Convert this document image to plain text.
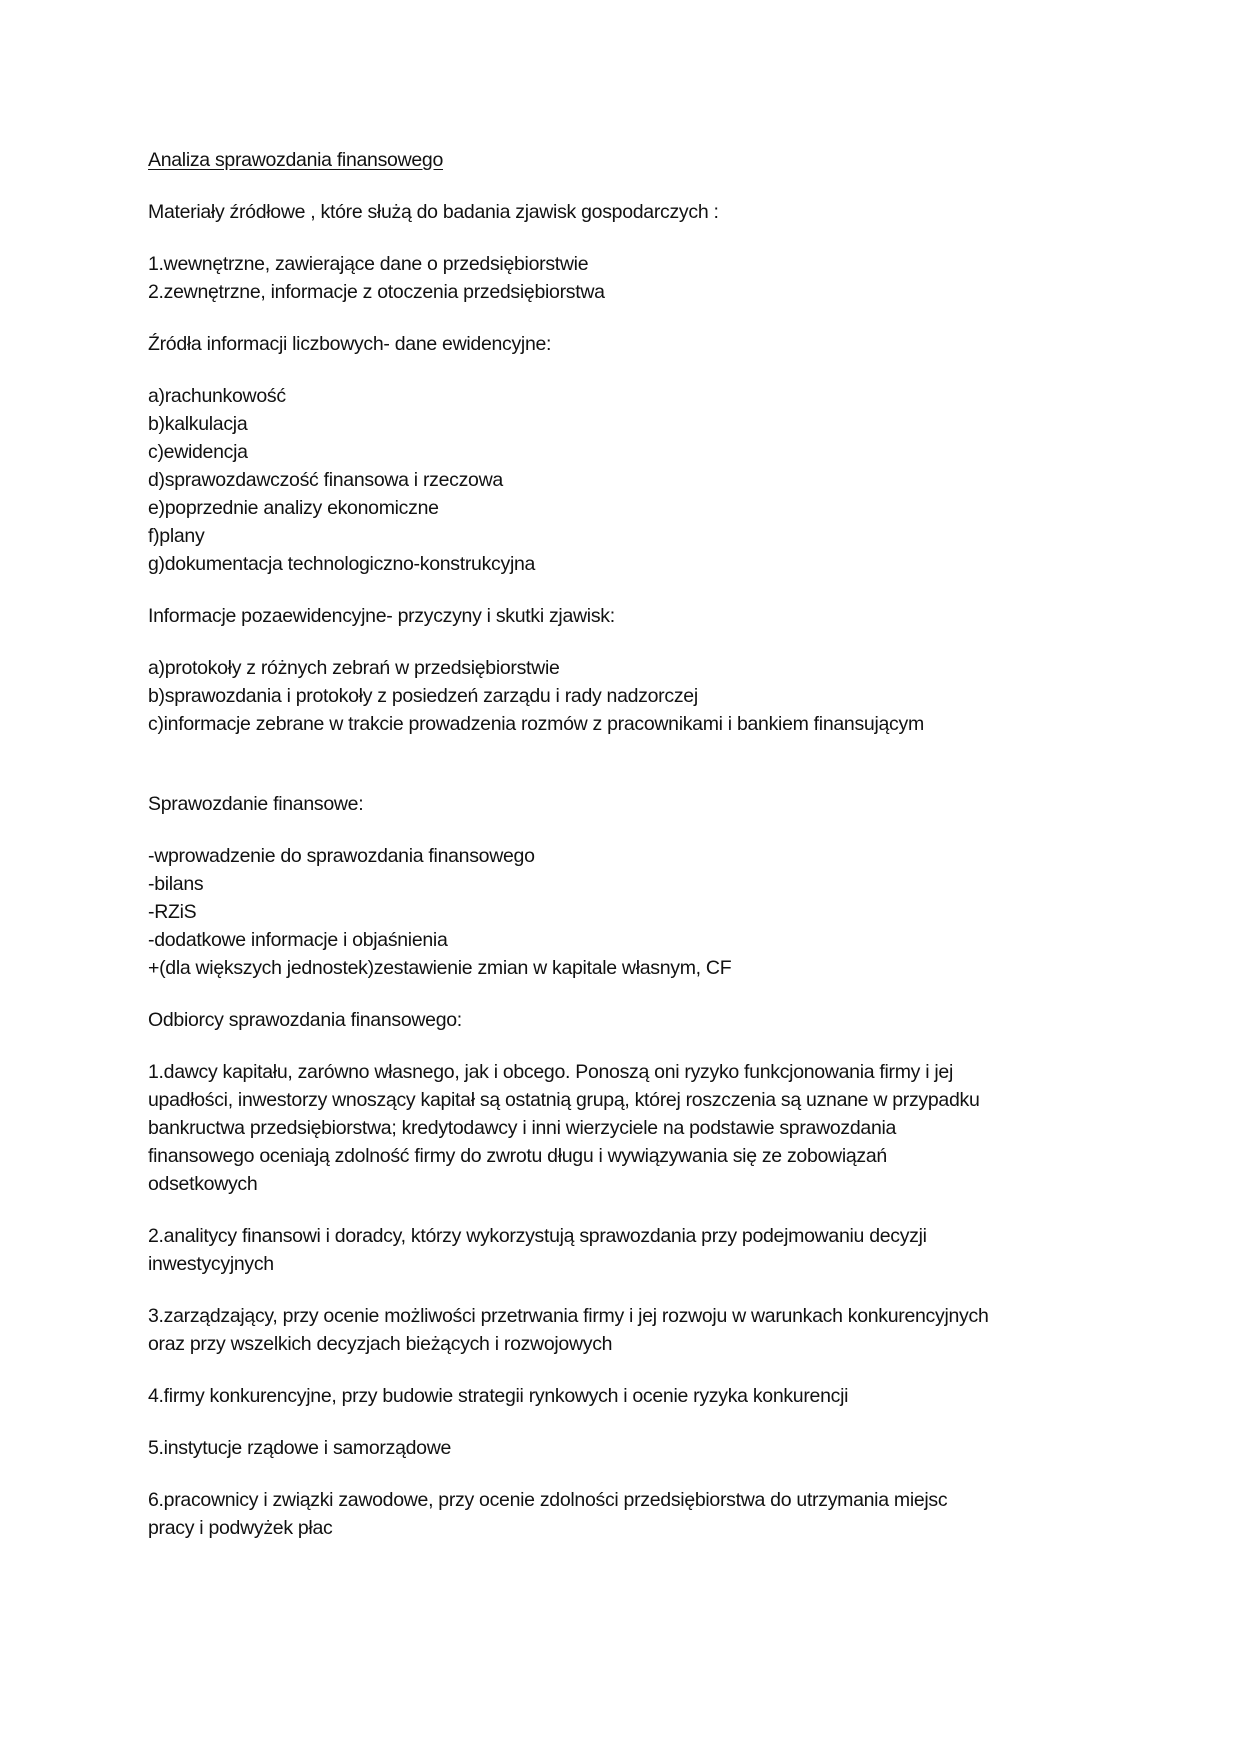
Analiza sprawozdania finansowego
Materiały źródłowe , które służą do badania zjawisk gospodarczych :
1.wewnętrzne, zawierające dane o przedsiębiorstwie
2.zewnętrzne, informacje z otoczenia przedsiębiorstwa
Źródła informacji liczbowych- dane ewidencyjne:
a)rachunkowość
b)kalkulacja
c)ewidencja
d)sprawozdawczość finansowa i rzeczowa
e)poprzednie analizy ekonomiczne
f)plany
g)dokumentacja technologiczno-konstrukcyjna
Informacje pozaewidencyjne- przyczyny i skutki zjawisk:
a)protokoły z różnych zebrań w przedsiębiorstwie
b)sprawozdania i protokoły z posiedzeń zarządu i rady nadzorczej
c)informacje zebrane w trakcie prowadzenia rozmów z pracownikami i bankiem finansującym
Sprawozdanie finansowe:
-wprowadzenie do sprawozdania finansowego
-bilans
-RZiS
-dodatkowe informacje i objaśnienia
+(dla większych jednostek)zestawienie zmian w kapitale własnym, CF
Odbiorcy sprawozdania finansowego:
1.dawcy kapitału, zarówno własnego, jak i obcego. Ponoszą oni ryzyko funkcjonowania firmy i jej
upadłości, inwestorzy wnoszący kapitał są ostatnią grupą, której roszczenia są uznane w przypadku
bankructwa przedsiębiorstwa; kredytodawcy i inni wierzyciele na podstawie sprawozdania
finansowego oceniają zdolność firmy do zwrotu długu i wywiązywania się ze zobowiązań
odsetkowych
2.analitycy finansowi i doradcy, którzy wykorzystują sprawozdania przy podejmowaniu decyzji
inwestycyjnych
3.zarządzający, przy ocenie możliwości przetrwania firmy i jej rozwoju w warunkach konkurencyjnych
oraz przy wszelkich decyzjach bieżących i rozwojowych
4.firmy konkurencyjne, przy budowie strategii rynkowych i ocenie ryzyka konkurencji
5.instytucje rządowe i samorządowe
6.pracownicy i związki zawodowe, przy ocenie zdolności przedsiębiorstwa do utrzymania miejsc
pracy i podwyżek płac
